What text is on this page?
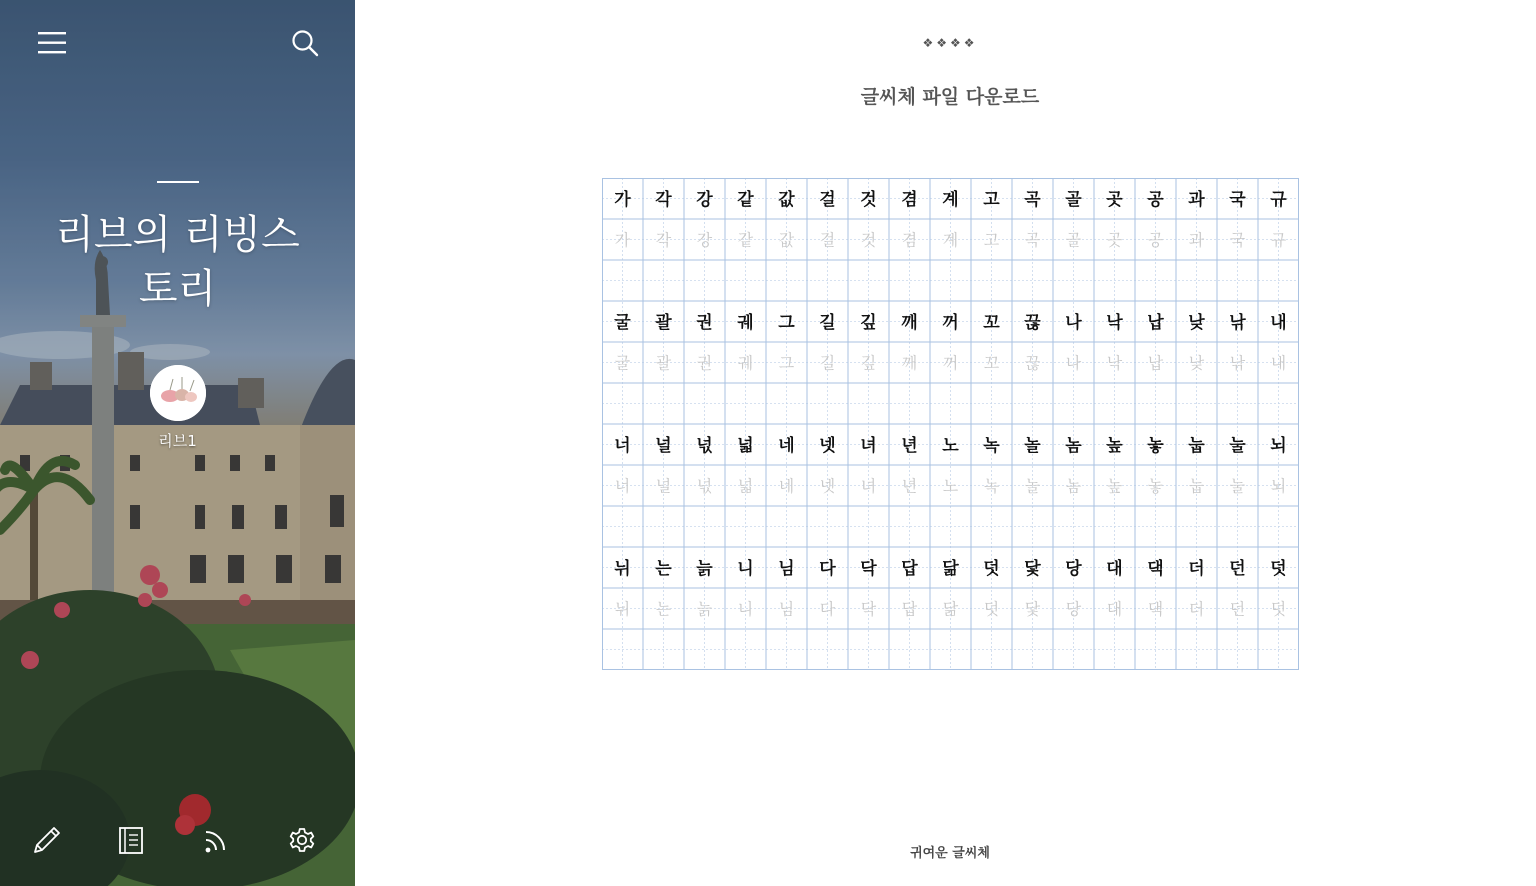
리브의 리빙스 토리
리브1
❖❖❖❖
글씨체 파일 다운로드
가
가
각
각
강
강
같
같
값
값
걸
걸
것
것
겸
겸
계
계
고
고
곡
곡
골
골
곳
곳
공
공
과
과
국
국
규
규
굴
굴
괄
괄
권
권
궤
궤
그
그
길
길
깊
깊
깨
깨
꺼
꺼
꼬
꼬
끊
끊
나
나
낙
낙
납
납
낮
낮
낚
낚
내
내
너
너
널
널
넋
넋
넓
넓
네
네
넷
넷
녀
녀
년
년
노
노
녹
녹
놀
놀
놈
놈
높
높
놓
놓
눕
눕
눌
눌
뇌
뇌
뉘
뉘
는
는
늙
늙
니
니
님
님
다
다
닥
닥
답
답
닮
닮
덧
덧
닻
닻
당
당
대
대
댁
댁
더
더
던
던
덧
덧
귀여운 글씨체
